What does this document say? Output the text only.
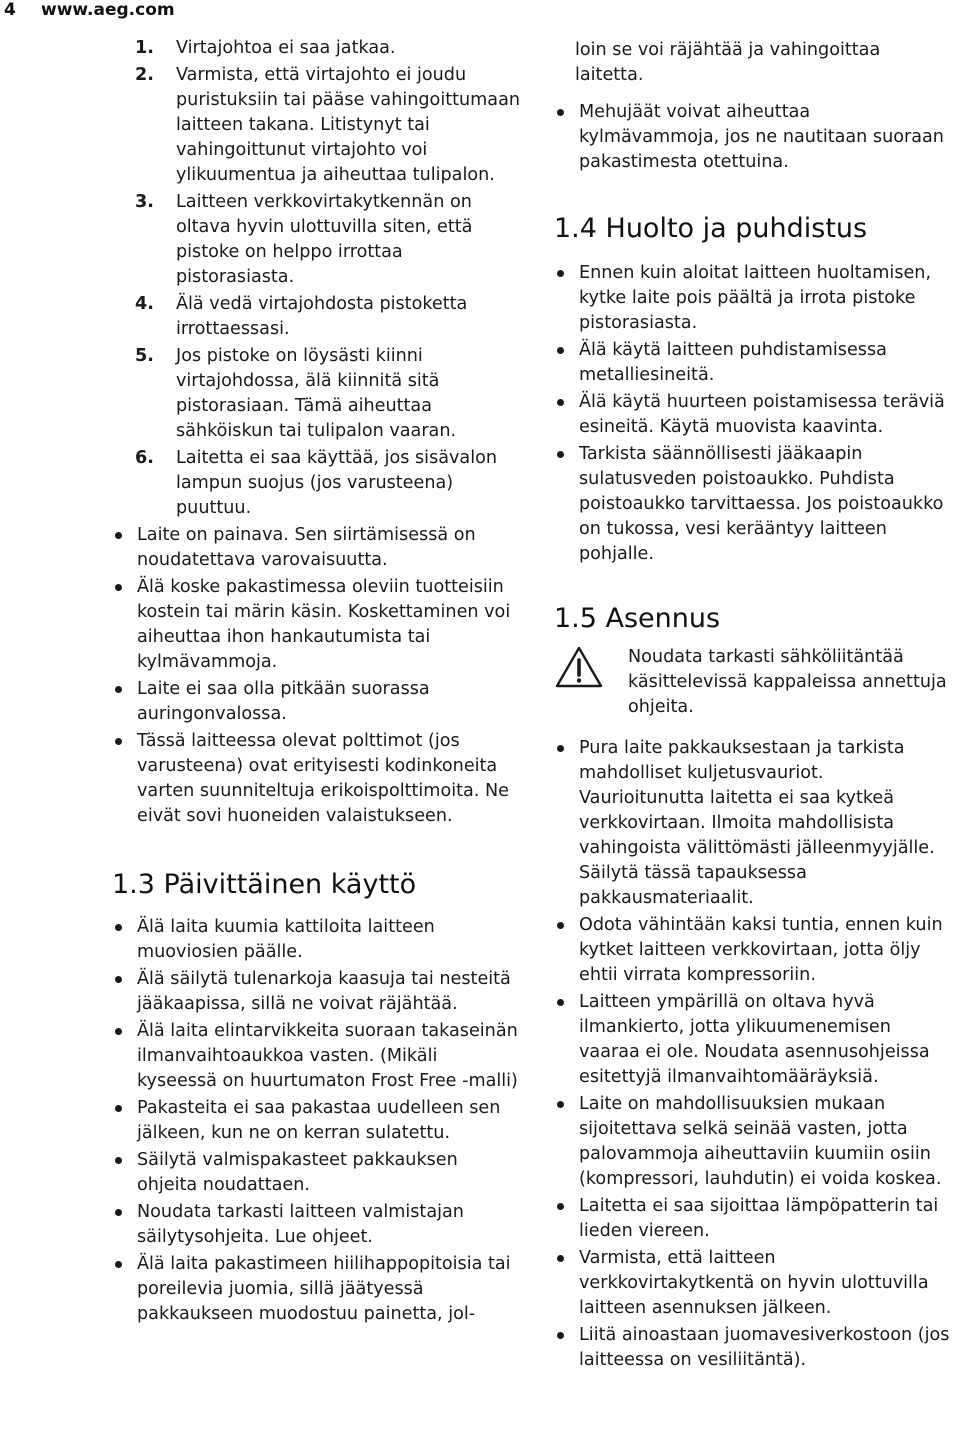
4 www.aeg.com
1. Virtajohtoa ei saa jatkaa.
2. Varmista, että virtajohto ei joudu puristuksiin tai pääse vahingoittumaan laitteen takana. Litistynyt tai vahingoittunut virtajohto voi ylikuumentua ja aiheuttaa tulipalon.
3. Laitteen verkkovirtakytkennän on oltava hyvin ulottuvilla siten, että pistoke on helppo irrottaa pistorasiasta.
4. Älä vedä virtajohdosta pistoketta irrottaessasi.
5. Jos pistoke on löysästi kiinni virtajohdossa, älä kiinnitä sitä pistorasiaan. Tämä aiheuttaa sähköiskun tai tulipalon vaaran.
6. Laitetta ei saa käyttää, jos sisävalon lampun suojus (jos varusteena) puuttuu.
Laite on painava. Sen siirtämisessä on noudatettava varovaisuutta.
Älä koske pakastimessa oleviin tuotteisiin kostein tai märin käsin. Koskettaminen voi aiheuttaa ihon hankautumista tai kylmävammoja.
Laite ei saa olla pitkään suorassa auringonvalossa.
Tässä laitteessa olevat polttimot (jos varusteena) ovat erityisesti kodinkoneita varten suunniteltuja erikoispolttimoita. Ne eivät sovi huoneiden valaistukseen.
1.3 Päivittäinen käyttö
Älä laita kuumia kattiloita laitteen muoviosien päälle.
Älä säilytä tulenarkoja kaasuja tai nesteitä jääkaapissa, sillä ne voivat räjähtää.
Älä laita elintarvikkeita suoraan takaseinän ilmanvaihtoaukkoa vasten. (Mikäli kyseessä on huurtumaton Frost Free -malli)
Pakasteita ei saa pakastaa uudelleen sen jälkeen, kun ne on kerran sulatettu.
Säilytä valmispakasteet pakkauksen ohjeita noudattaen.
Noudata tarkasti laitteen valmistajan säilytysohjeita. Lue ohjeet.
Älä laita pakastimeen hiilihappopitoisia tai poreilevia juomia, sillä jäätyessä pakkaukseen muodostuu painetta, jol-

loin se voi räjähtää ja vahingoittaa laitetta.

Mehujäät voivat aiheuttaa kylmävammoja, jos ne nautitaan suoraan pakastimesta otettuina.
1.4 Huolto ja puhdistus
Ennen kuin aloitat laitteen huoltamisen, kytke laite pois päältä ja irrota pistoke pistorasiasta.
Älä käytä laitteen puhdistamisessa metalliesineitä.
Älä käytä huurteen poistamisessa teräviä esineitä. Käytä muovista kaavinta.
Tarkista säännöllisesti jääkaapin sulatusveden poistoaukko. Puhdista poistoaukko tarvittaessa. Jos poistoaukko on tukossa, vesi kerääntyy laitteen pohjalle.
1.5 Asennus
Noudata tarkasti sähköliitäntää käsittelevissä kappaleissa annettuja ohjeita.
Pura laite pakkauksestaan ja tarkista mahdolliset kuljetusvauriot. Vaurioitunutta laitetta ei saa kytkeä verkkovirtaan. Ilmoita mahdollisista vahingoista välittömästi jälleenmyyjälle. Säilytä tässä tapauksessa pakkausmateriaalit.
Odota vähintään kaksi tuntia, ennen kuin kytket laitteen verkkovirtaan, jotta öljy ehtii virrata kompressoriin.
Laitteen ympärillä on oltava hyvä ilmankierto, jotta ylikuumenemisen vaaraa ei ole. Noudata asennusohjeissa esitettyjä ilmanvaihtomääräyksiä.
Laite on mahdollisuuksien mukaan sijoitettava selkä seinää vasten, jotta palovammoja aiheuttaviin kuumiin osiin (kompressori, lauhdutin) ei voida koskea.
Laitetta ei saa sijoittaa lämpöpatterin tai lieden viereen.
Varmista, että laitteen verkkovirtakytkentä on hyvin ulottuvilla laitteen asennuksen jälkeen.
Liitä ainoastaan juomavesiverkostoon (jos laitteessa on vesiliitäntä).
